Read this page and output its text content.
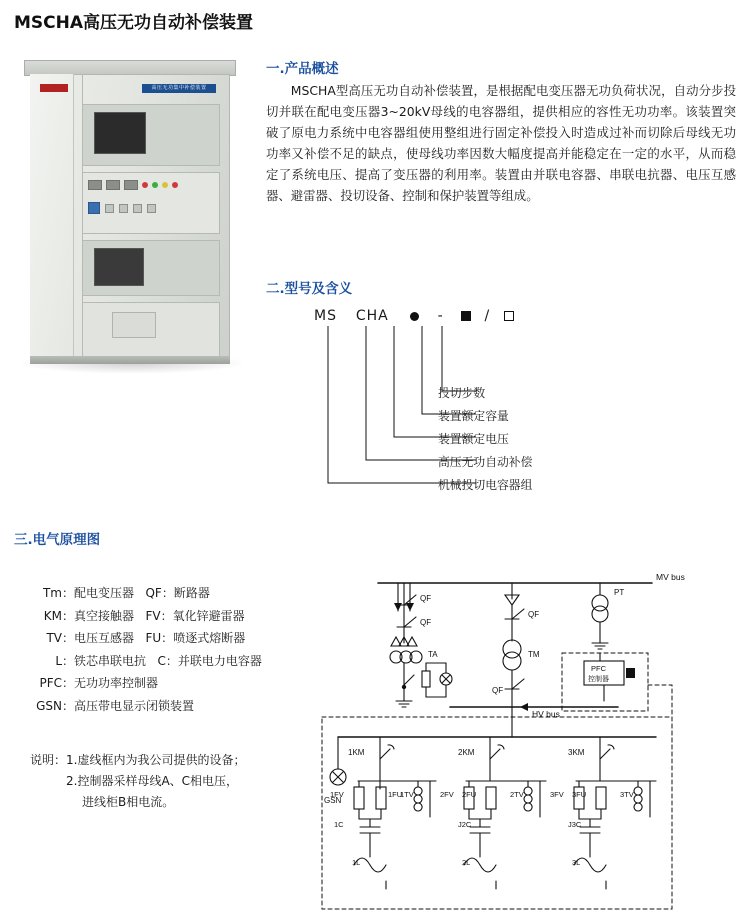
MSCHA高压无功自动补偿装置
高压无功集中补偿装置
一.产品概述
MSCHA型高压无功自动补偿装置，是根据配电变压器无功负荷状况，自动分步投切并联在配电变压器3~20kV母线的电容器组，提供相应的容性无功功率。该装置突破了原电力系统中电容器组使用整组进行固定补偿投入时造成过补而切除后母线无功功率又补偿不足的缺点，使母线功率因数大幅度提高并能稳定在一定的水平，从而稳定了系统电压、提高了变压器的利用率。装置由并联电容器、串联电抗器、电压互感器、避雷器、投切设备、控制和保护装置等组成。
二.型号及含义
MS CHA	-	/
投切步数
装置额定容量
装置额定电压
高压无功自动补偿
机械投切电容器组
三.电气原理图
Tm：配电变压器 QF：断路器
KM：真空接触器 FV：氧化锌避雷器
TV：电压互感器 FU：喷逐式熔断器
L：铁芯串联电抗 C：并联电力电容器
PFC：无功功率控制器
GSN：高压带电显示闭锁装置
说明：1.虚线框内为我公司提供的设备；
2.控制器采样母线A、C相电压，
进线柜B相电流。
MV bus
QF
QF
TA
QF
TM
QF
HV bus
PT
PFC
控制器
1KM
GSN
1FV	1FU
1TV
1C
1L
2KM
2FV 2FU	2TV
J2C
2L
3KM
3FV 3FU	3TV
J3C
3L
